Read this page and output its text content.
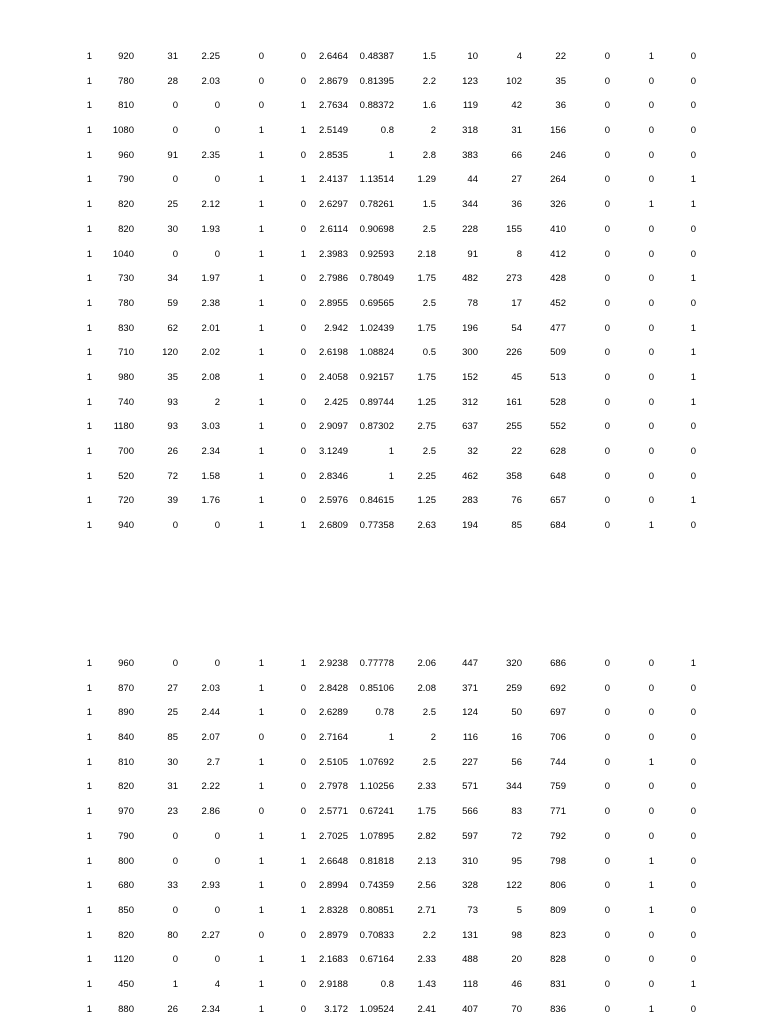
1	920	31	2.25	0	0	2.6464	0.48387	1.5	10	4	22	0	1	0
1	780	28	2.03	0	0	2.8679	0.81395	2.2	123	102	35	0	0	0
1	810	0	0	0	1	2.7634	0.88372	1.6	119	42	36	0	0	0
1	1080	0	0	1	1	2.5149	0.8	2	318	31	156	0	0	0
1	960	91	2.35	1	0	2.8535	1	2.8	383	66	246	0	0	0
1	790	0	0	1	1	2.4137	1.13514	1.29	44	27	264	0	0	1
1	820	25	2.12	1	0	2.6297	0.78261	1.5	344	36	326	0	1	1
1	820	30	1.93	1	0	2.6114	0.90698	2.5	228	155	410	0	0	0
1	1040	0	0	1	1	2.3983	0.92593	2.18	91	8	412	0	0	0
1	730	34	1.97	1	0	2.7986	0.78049	1.75	482	273	428	0	0	1
1	780	59	2.38	1	0	2.8955	0.69565	2.5	78	17	452	0	0	0
1	830	62	2.01	1	0	2.942	1.02439	1.75	196	54	477	0	0	1
1	710	120	2.02	1	0	2.6198	1.08824	0.5	300	226	509	0	0	1
1	980	35	2.08	1	0	2.4058	0.92157	1.75	152	45	513	0	0	1
1	740	93	2	1	0	2.425	0.89744	1.25	312	161	528	0	0	1
1	1180	93	3.03	1	0	2.9097	0.87302	2.75	637	255	552	0	0	0
1	700	26	2.34	1	0	3.1249	1	2.5	32	22	628	0	0	0
1	520	72	1.58	1	0	2.8346	1	2.25	462	358	648	0	0	0
1	720	39	1.76	1	0	2.5976	0.84615	1.25	283	76	657	0	0	1
1	940	0	0	1	1	2.6809	0.77358	2.63	194	85	684	0	1	0
1	960	0	0	1	1	2.9238	0.77778	2.06	447	320	686	0	0	1
1	870	27	2.03	1	0	2.8428	0.85106	2.08	371	259	692	0	0	0
1	890	25	2.44	1	0	2.6289	0.78	2.5	124	50	697	0	0	0
1	840	85	2.07	0	0	2.7164	1	2	116	16	706	0	0	0
1	810	30	2.7	1	0	2.5105	1.07692	2.5	227	56	744	0	1	0
1	820	31	2.22	1	0	2.7978	1.10256	2.33	571	344	759	0	0	0
1	970	23	2.86	0	0	2.5771	0.67241	1.75	566	83	771	0	0	0
1	790	0	0	1	1	2.7025	1.07895	2.82	597	72	792	0	0	0
1	800	0	0	1	1	2.6648	0.81818	2.13	310	95	798	0	1	0
1	680	33	2.93	1	0	2.8994	0.74359	2.56	328	122	806	0	1	0
1	850	0	0	1	1	2.8328	0.80851	2.71	73	5	809	0	1	0
1	820	80	2.27	0	0	2.8979	0.70833	2.2	131	98	823	0	0	0
1	1120	0	0	1	1	2.1683	0.67164	2.33	488	20	828	0	0	0
1	450	1	4	1	0	2.9188	0.8	1.43	118	46	831	0	0	1
1	880	26	2.34	1	0	3.172	1.09524	2.41	407	70	836	0	1	0
